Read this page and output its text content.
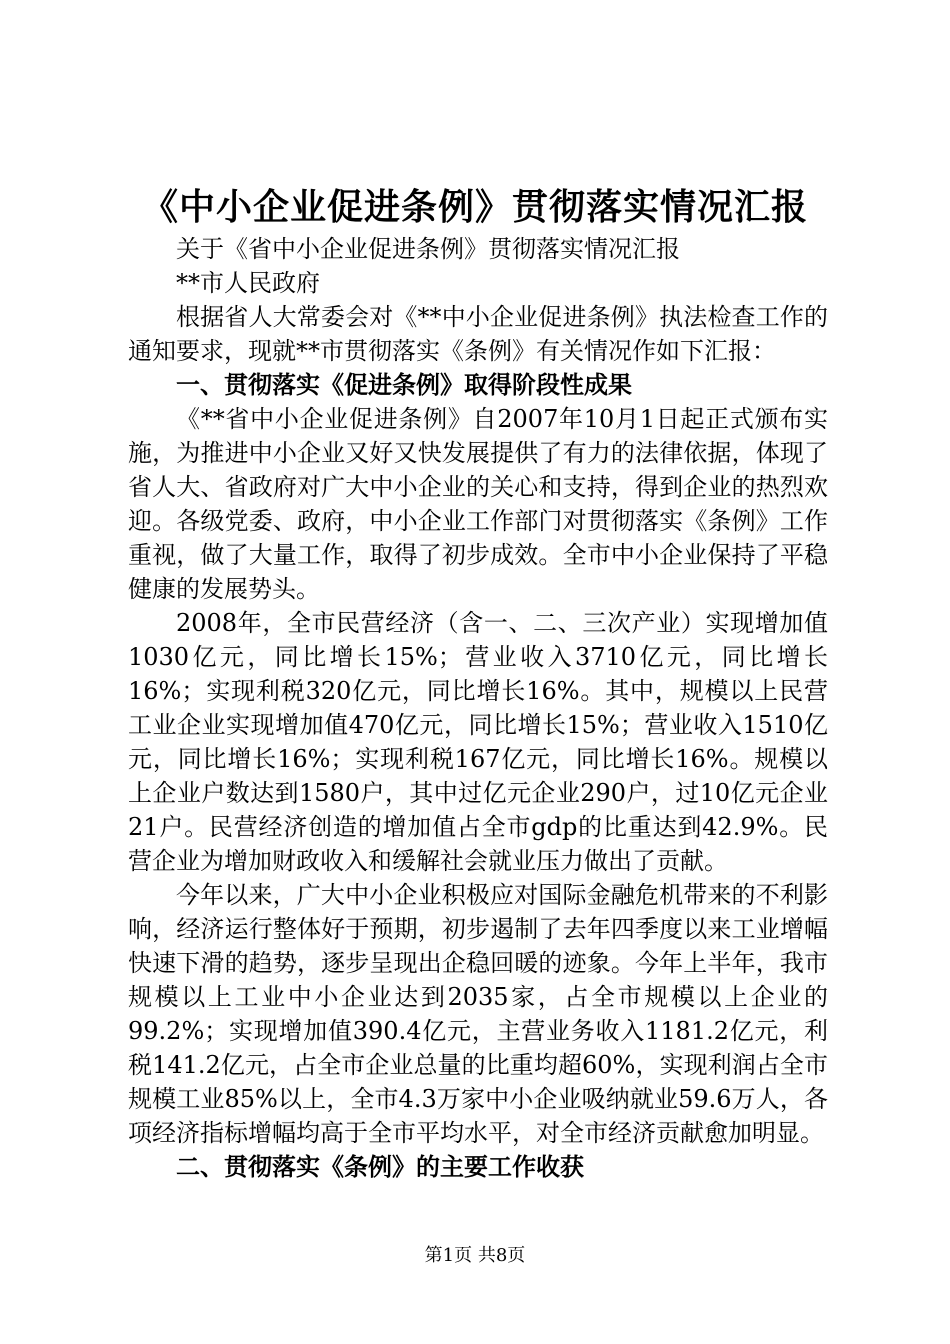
《中小企业促进条例》贯彻落实情况汇报

关于《省中小企业促进条例》贯彻落实情况汇报

**市人民政府

根据省人大常委会对《**中小企业促进条例》执法检查工作的通知要求，现就**市贯彻落实《条例》有关情况作如下汇报：

一、贯彻落实《促进条例》取得阶段性成果

《**省中小企业促进条例》自2007年10月1日起正式颁布实施，为推进中小企业又好又快发展提供了有力的法律依据，体现了省人大、省政府对广大中小企业的关心和支持，得到企业的热烈欢迎。各级党委、政府，中小企业工作部门对贯彻落实《条例》工作重视，做了大量工作，取得了初步成效。全市中小企业保持了平稳健康的发展势头。

2008年，全市民营经济（含一、二、三次产业）实现增加值1030亿元，同比增长15%；营业收入3710亿元，同比增长16%；实现利税320亿元，同比增长16%。其中，规模以上民营工业企业实现增加值470亿元，同比增长15%；营业收入1510亿元，同比增长16%；实现利税167亿元，同比增长16%。规模以上企业户数达到1580户，其中过亿元企业290户，过10亿元企业21户。民营经济创造的增加值占全市gdp的比重达到42.9%。民营企业为增加财政收入和缓解社会就业压力做出了贡献。

今年以来，广大中小企业积极应对国际金融危机带来的不利影响，经济运行整体好于预期，初步遏制了去年四季度以来工业增幅快速下滑的趋势，逐步呈现出企稳回暖的迹象。今年上半年，我市规模以上工业中小企业达到2035家，占全市规模以上企业的99.2%；实现增加值390.4亿元，主营业务收入1181.2亿元，利税141.2亿元，占全市企业总量的比重均超60%，实现利润占全市规模工业85%以上，全市4.3万家中小企业吸纳就业59.6万人，各项经济指标增幅均高于全市平均水平，对全市经济贡献愈加明显。

二、贯彻落实《条例》的主要工作收获
第1页 共8页
